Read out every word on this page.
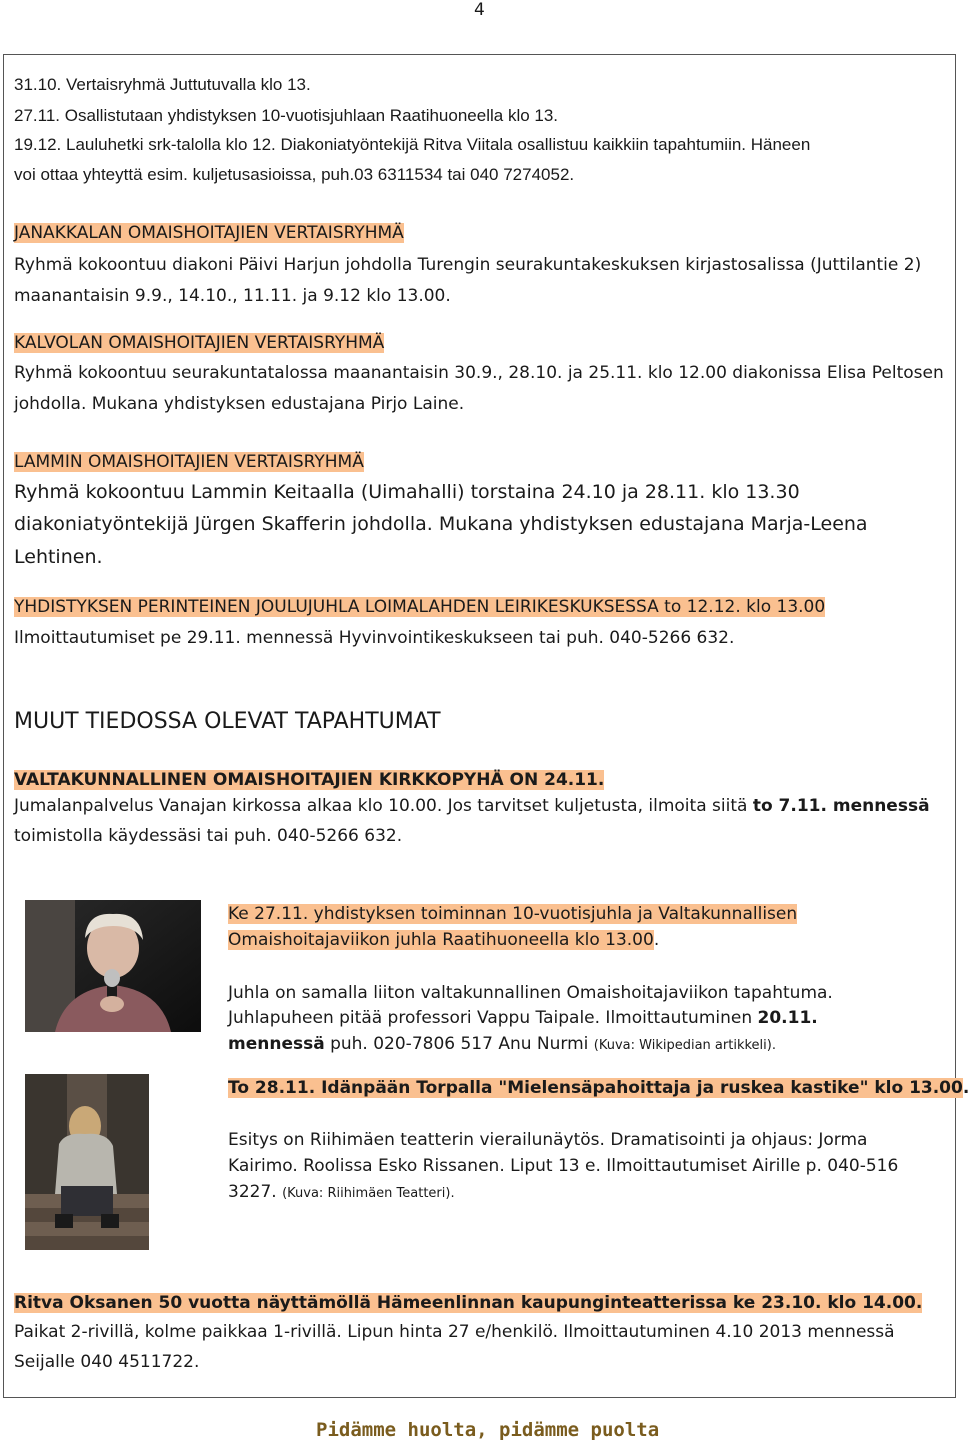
4
31.10. Vertaisryhmä Juttutuvalla klo 13.
27.11. Osallistutaan yhdistyksen 10-vuotisjuhlaan Raatihuoneella klo 13.
19.12. Lauluhetki srk-talolla klo 12. Diakoniatyöntekijä Ritva Viitala osallistuu kaikkiin tapahtumiin. Häneen
voi ottaa yhteyttä esim. kuljetusasioissa, puh.03 6311534 tai 040 7274052.
JANAKKALAN OMAISHOITAJIEN VERTAISRYHMÄ
Ryhmä kokoontuu diakoni Päivi Harjun johdolla Turengin seurakuntakeskuksen kirjastosalissa (Juttilantie 2)
maanantaisin 9.9., 14.10., 11.11. ja 9.12 klo 13.00.
KALVOLAN OMAISHOITAJIEN VERTAISRYHMÄ
Ryhmä kokoontuu seurakuntatalossa maanantaisin 30.9., 28.10. ja 25.11. klo 12.00 diakonissa Elisa Peltosen
johdolla. Mukana yhdistyksen edustajana Pirjo Laine.
LAMMIN OMAISHOITAJIEN VERTAISRYHMÄ
Ryhmä kokoontuu Lammin Keitaalla (Uimahalli) torstaina 24.10 ja 28.11. klo 13.30
diakoniatyöntekijä Jürgen Skafferin johdolla. Mukana yhdistyksen edustajana Marja-Leena
Lehtinen.
YHDISTYKSEN PERINTEINEN JOULUJUHLA LOIMALAHDEN LEIRIKESKUKSESSA to 12.12. klo 13.00
Ilmoittautumiset pe 29.11. mennessä Hyvinvointikeskukseen tai puh. 040-5266 632.
MUUT TIEDOSSA OLEVAT TAPAHTUMAT
VALTAKUNNALLINEN OMAISHOITAJIEN KIRKKOPYHÄ ON 24.11.
Jumalanpalvelus Vanajan kirkossa alkaa klo 10.00. Jos tarvitset kuljetusta, ilmoita siitä to 7.11. mennessä
toimistolla käydessäsi tai puh. 040-5266 632.
Ke 27.11. yhdistyksen toiminnan 10-vuotisjuhla ja Valtakunnallisen
Omaishoitajaviikon juhla Raatihuoneella klo 13.00.
Juhla on samalla liiton valtakunnallinen Omaishoitajaviikon tapahtuma.
Juhlapuheen pitää professori Vappu Taipale. Ilmoittautuminen 20.11.
mennessä puh. 020-7806 517 Anu Nurmi (Kuva: Wikipedian artikkeli).
To 28.11. Idänpään Torpalla "Mielensäpahoittaja ja ruskea kastike" klo 13.00.
Esitys on Riihimäen teatterin vierailunäytös. Dramatisointi ja ohjaus: Jorma
Kairimo. Roolissa Esko Rissanen. Liput 13 e. Ilmoittautumiset Airille p. 040-516
3227. (Kuva: Riihimäen Teatteri).
Ritva Oksanen 50 vuotta näyttämöllä Hämeenlinnan kaupunginteatterissa ke 23.10. klo 14.00.
Paikat 2-rivillä, kolme paikkaa 1-rivillä. Lipun hinta 27 e/henkilö. Ilmoittautuminen 4.10 2013 mennessä
Seijalle 040 4511722.
Pidämme huolta, pidämme puolta
